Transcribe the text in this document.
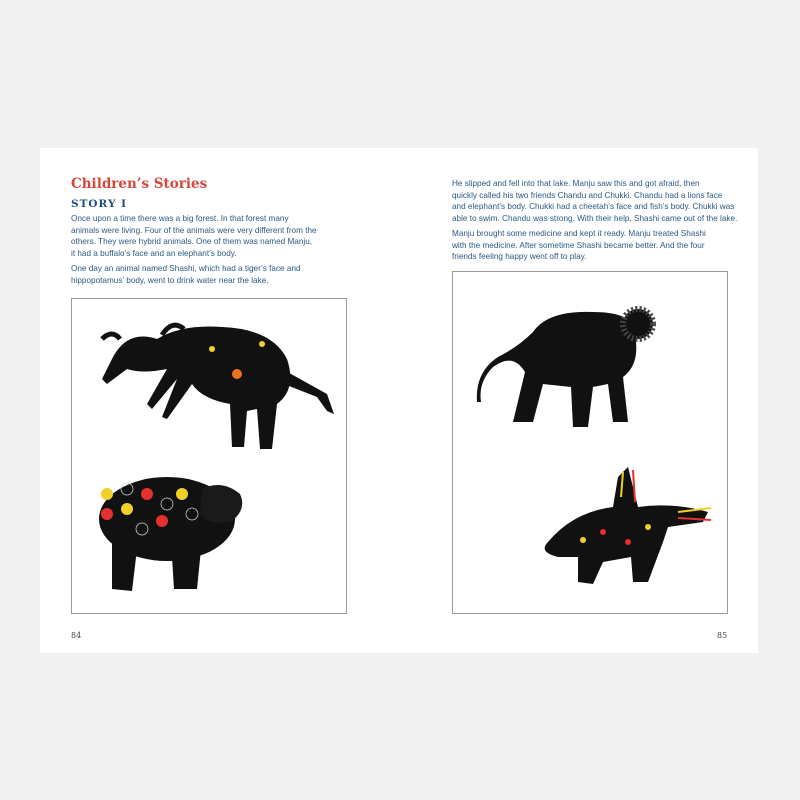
Children’s Stories
STORY I
Once upon a time there was a big forest. In that forest many
animals were living. Four of the animals were very different from the
others. They were hybrid animals. One of them was named Manju,
it had a buffalo’s face and an elephant’s body.
One day an animal named Shashi, which had a tiger’s face and
hippopotamus’ body, went to drink water near the lake.
He slipped and fell into that lake. Manju saw this and got afraid, then
quickly called his two friends Chandu and Chukki. Chandu had a lions face
and elephant’s body. Chukki had a cheetah’s face and fish’s body. Chukki was
able to swim. Chandu was strong. With their help, Shashi came out of the lake.
Manju brought some medicine and kept it ready. Manju treated Shashi
with the medicine. After sometime Shashi became better. And the four
friends feeling happy went off to play.
84	85
